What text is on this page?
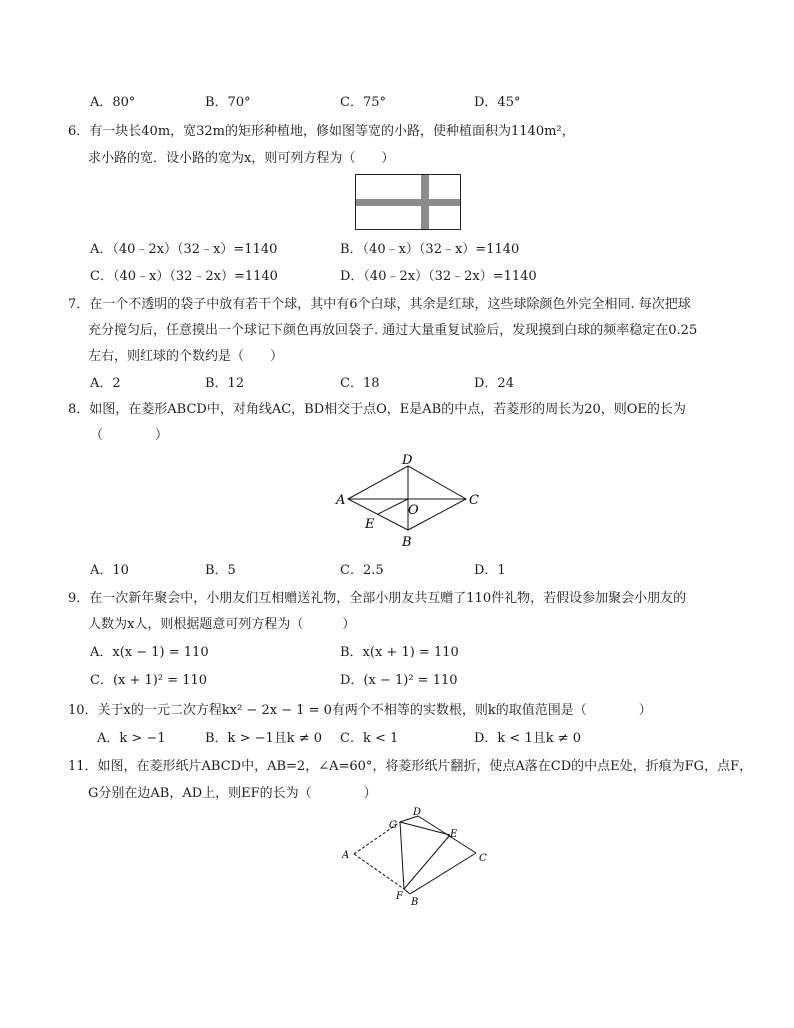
A．80°	B．70°	C．75°	D．45°
6．有一块长40m，宽32m的矩形种植地，修如图等宽的小路，使种植面积为1140m²，
求小路的宽．设小路的宽为x，则可列方程为（　　）
A．（40﹣2x）（32﹣x）=1140	B．（40﹣x）（32﹣x）=1140
C．（40﹣x）（32﹣2x）=1140	D．（40﹣2x）（32﹣2x）=1140
7．在一个不透明的袋子中放有若干个球，其中有6个白球，其余是红球，这些球除颜色外完全相同. 每次把球
充分搅匀后，任意摸出一个球记下颜色再放回袋子. 通过大量重复试验后，发现摸到白球的频率稳定在0.25
左右，则红球的个数约是（　　）
A．2	B．12	C．18	D．24
8．如图，在菱形ABCD中，对角线AC，BD相交于点O，E是AB的中点，若菱形的周长为20，则OE的长为
（　　　　）
D
A
O
C
E
B
A．10	B．5	C．2.5	D．1
9．在一次新年聚会中，小朋友们互相赠送礼物，全部小朋友共互赠了110件礼物，若假设参加聚会小朋友的
人数为x人，则根据题意可列方程为（　　　）
A．x(x − 1) = 110	B．x(x + 1) = 110
C．(x + 1)² = 110	D．(x − 1)² = 110
10．关于x的一元二次方程kx² − 2x − 1 = 0有两个不相等的实数根，则k的取值范围是（　　　　）
A．k > −1	B．k > −1且k ≠ 0 C．k < 1	D．k < 1且k ≠ 0
11．如图，在菱形纸片ABCD中，AB=2，∠A=60°，将菱形纸片翻折，使点A落在CD的中点E处，折痕为FG，点F，
G分别在边AB，AD上，则EF的长为（　　　　）
D
G
E
A	C
F
B
